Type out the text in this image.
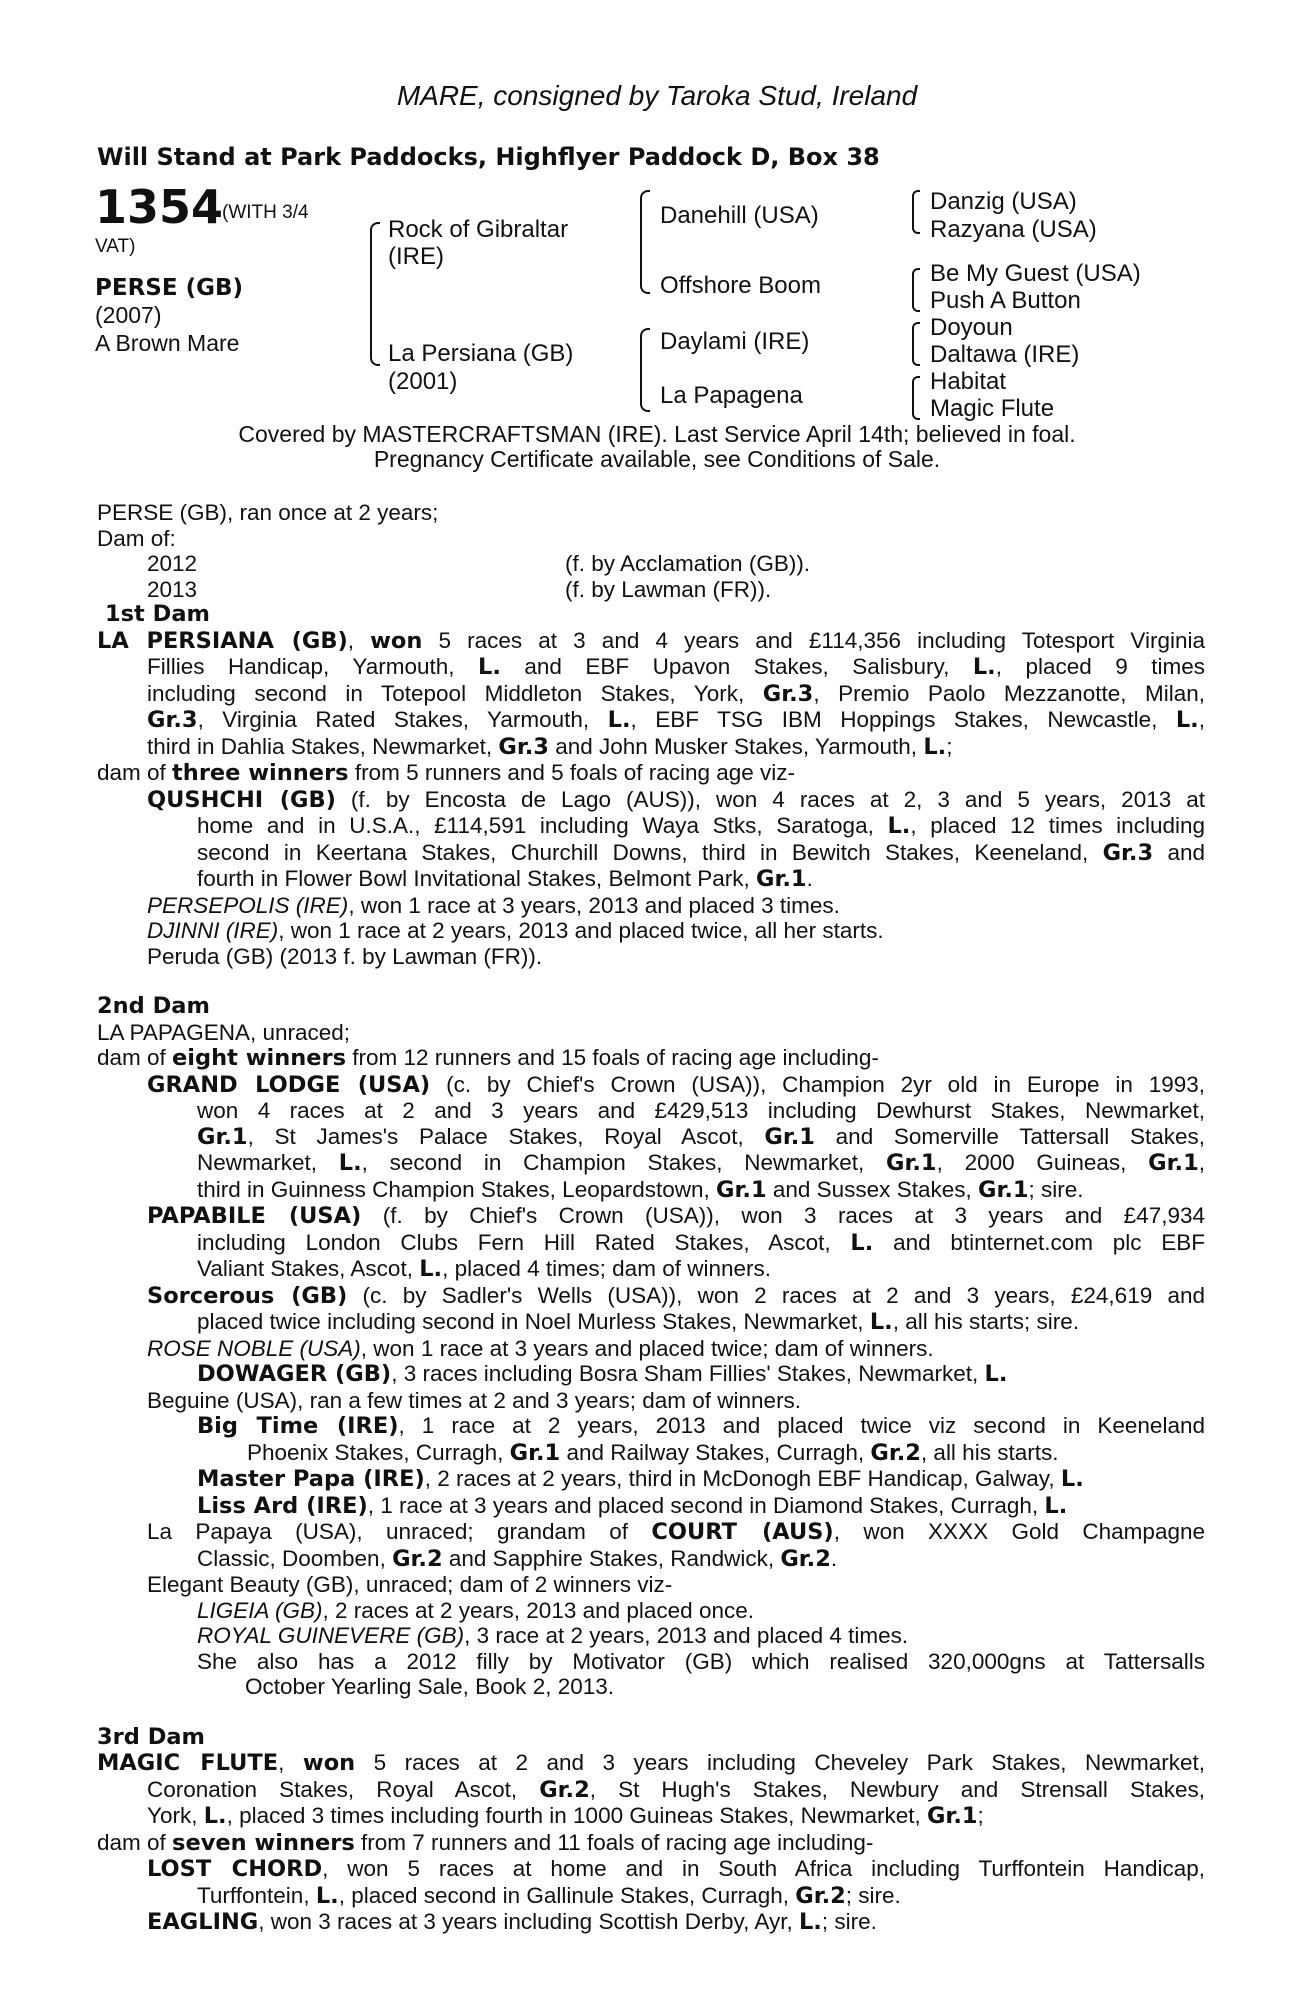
MARE, consigned by Taroka Stud, Ireland
Will Stand at Park Paddocks, Highflyer Paddock D, Box 38
1354
(WITH 3/4
VAT)
PERSE (GB)
(2007)
A Brown Mare
Rock of Gibraltar
(IRE)
La Persiana (GB)
(2001)
Danehill (USA)
Offshore Boom
Daylami (IRE)
La Papagena
Danzig (USA)
Razyana (USA)
Be My Guest (USA)
Push A Button
Doyoun
Daltawa (IRE)
Habitat
Magic Flute
Covered by MASTERCRAFTSMAN (IRE). Last Service April 14th; believed in foal.
Pregnancy Certificate available, see Conditions of Sale.

PERSE (GB), ran once at 2 years;

Dam of:

2012	(f. by Acclamation (GB)).

2013	(f. by Lawman (FR)).

1st Dam

LA PERSIANA (GB), won 5 races at 3 and 4 years and £114,356 including Totesport Virginia

Fillies Handicap, Yarmouth, L. and EBF Upavon Stakes, Salisbury, L., placed 9 times

including second in Totepool Middleton Stakes, York, Gr.3, Premio Paolo Mezzanotte, Milan,

Gr.3, Virginia Rated Stakes, Yarmouth, L., EBF TSG IBM Hoppings Stakes, Newcastle, L.,

third in Dahlia Stakes, Newmarket, Gr.3 and John Musker Stakes, Yarmouth, L.;

dam of three winners from 5 runners and 5 foals of racing age viz-

QUSHCHI (GB) (f. by Encosta de Lago (AUS)), won 4 races at 2, 3 and 5 years, 2013 at

home and in U.S.A., £114,591 including Waya Stks, Saratoga, L., placed 12 times including

second in Keertana Stakes, Churchill Downs, third in Bewitch Stakes, Keeneland, Gr.3 and

fourth in Flower Bowl Invitational Stakes, Belmont Park, Gr.1.

PERSEPOLIS (IRE), won 1 race at 3 years, 2013 and placed 3 times.

DJINNI (IRE), won 1 race at 2 years, 2013 and placed twice, all her starts.

Peruda (GB) (2013 f. by Lawman (FR)).

2nd Dam

LA PAPAGENA, unraced;

dam of eight winners from 12 runners and 15 foals of racing age including-

GRAND LODGE (USA) (c. by Chief's Crown (USA)), Champion 2yr old in Europe in 1993,

won 4 races at 2 and 3 years and £429,513 including Dewhurst Stakes, Newmarket,

Gr.1, St James's Palace Stakes, Royal Ascot, Gr.1 and Somerville Tattersall Stakes,

Newmarket, L., second in Champion Stakes, Newmarket, Gr.1, 2000 Guineas, Gr.1,

third in Guinness Champion Stakes, Leopardstown, Gr.1 and Sussex Stakes, Gr.1; sire.

PAPABILE (USA) (f. by Chief's Crown (USA)), won 3 races at 3 years and £47,934

including London Clubs Fern Hill Rated Stakes, Ascot, L. and btinternet.com plc EBF

Valiant Stakes, Ascot, L., placed 4 times; dam of winners.

Sorcerous (GB) (c. by Sadler's Wells (USA)), won 2 races at 2 and 3 years, £24,619 and

placed twice including second in Noel Murless Stakes, Newmarket, L., all his starts; sire.

ROSE NOBLE (USA), won 1 race at 3 years and placed twice; dam of winners.

DOWAGER (GB), 3 races including Bosra Sham Fillies' Stakes, Newmarket, L.

Beguine (USA), ran a few times at 2 and 3 years; dam of winners.

Big Time (IRE), 1 race at 2 years, 2013 and placed twice viz second in Keeneland

Phoenix Stakes, Curragh, Gr.1 and Railway Stakes, Curragh, Gr.2, all his starts.

Master Papa (IRE), 2 races at 2 years, third in McDonogh EBF Handicap, Galway, L.

Liss Ard (IRE), 1 race at 3 years and placed second in Diamond Stakes, Curragh, L.

La Papaya (USA), unraced; grandam of COURT (AUS), won XXXX Gold Champagne

Classic, Doomben, Gr.2 and Sapphire Stakes, Randwick, Gr.2.

Elegant Beauty (GB), unraced; dam of 2 winners viz-

LIGEIA (GB), 2 races at 2 years, 2013 and placed once.

ROYAL GUINEVERE (GB), 3 race at 2 years, 2013 and placed 4 times.

She also has a 2012 filly by Motivator (GB) which realised 320,000gns at Tattersalls

October Yearling Sale, Book 2, 2013.

3rd Dam

MAGIC FLUTE, won 5 races at 2 and 3 years including Cheveley Park Stakes, Newmarket,

Coronation Stakes, Royal Ascot, Gr.2, St Hugh's Stakes, Newbury and Strensall Stakes,

York, L., placed 3 times including fourth in 1000 Guineas Stakes, Newmarket, Gr.1;

dam of seven winners from 7 runners and 11 foals of racing age including-

LOST CHORD, won 5 races at home and in South Africa including Turffontein Handicap,

Turffontein, L., placed second in Gallinule Stakes, Curragh, Gr.2; sire.

EAGLING, won 3 races at 3 years including Scottish Derby, Ayr, L.; sire.
